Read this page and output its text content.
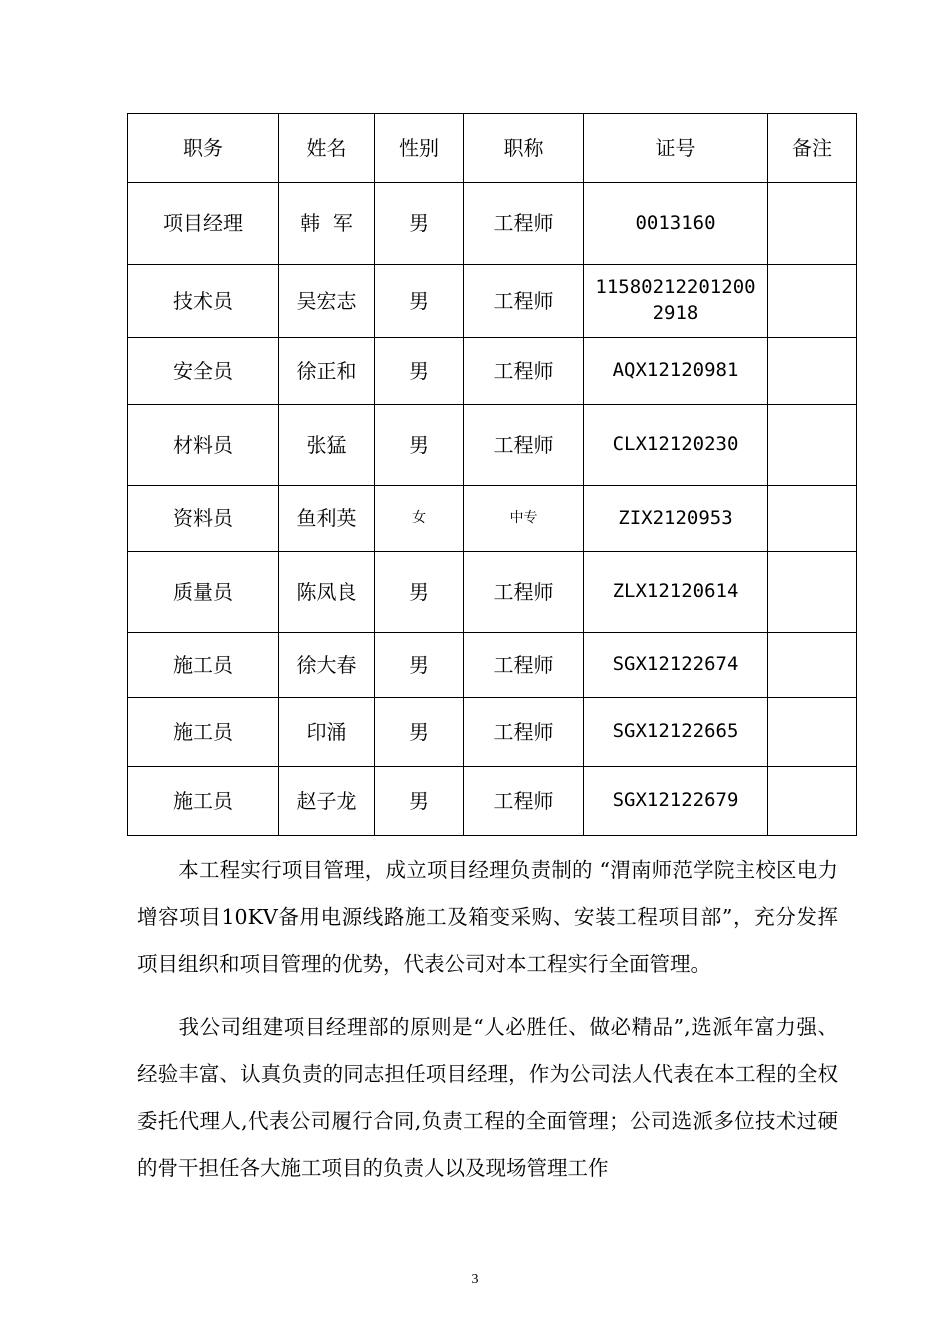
职务	姓名	性别	职称	证号	备注
项目经理	韩  军	男	工程师	0013160	
技术员	吴宏志	男	工程师	115802122012002918	

安全员	徐正和	男	工程师	AQX12120981	
材料员	张猛	男	工程师	CLX12120230	
资料员	鱼利英	女	中专	ZIX2120953	
质量员	陈凤良	男	工程师	ZLX12120614	
施工员	徐大春	男	工程师	SGX12122674	
施工员	印涌	男	工程师	SGX12122665	
施工员	赵子龙	男	工程师	SGX12122679	

本工程实行项目管理，成立项目经理负责制的 “渭南师范学院主校区电力增容项目10KV备用电源线路施工及箱变采购、安装工程项目部”，充分发挥项目组织和项目管理的优势，代表公司对本工程实行全面管理。

我公司组建项目经理部的原则是“人必胜任、做必精品”,选派年富力强、经验丰富、认真负责的同志担任项目经理，作为公司法人代表在本工程的全权委托代理人,代表公司履行合同,负责工程的全面管理；公司选派多位技术过硬的骨干担任各大施工项目的负责人以及现场管理工作

3
